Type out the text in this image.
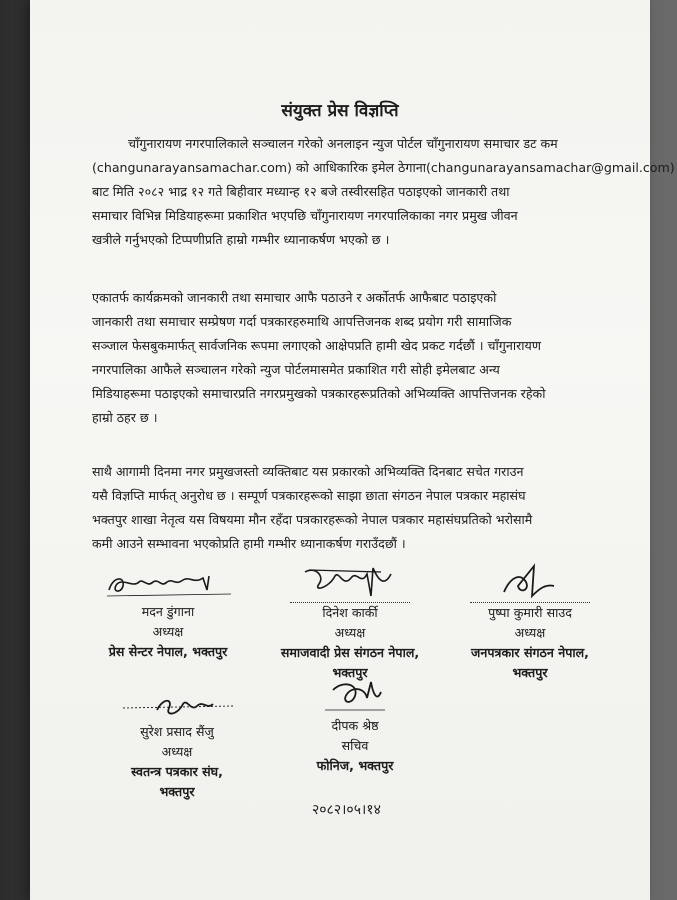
संयुक्त प्रेस विज्ञप्ति

चाँगुनारायण नगरपालिकाले सञ्चालन गरेको अनलाइन न्युज पोर्टल चाँगुनारायण समाचार डट कम
(changunarayansamachar.com) को आधिकारिक इमेल ठेगाना (changunarayansamachar@gmail.com)
बाट मिति २०८२ भाद्र १२ गते बिहीवार मध्यान्ह १२ बजे तस्वीरसहित पठाइएको जानकारी तथा
समाचार विभिन्न मिडियाहरूमा प्रकाशित भएपछि चाँगुनारायण नगरपालिकाका नगर प्रमुख जीवन
खत्रीले गर्नुभएको टिप्पणीप्रति हाम्रो गम्भीर ध्यानाकर्षण भएको छ ।

एकातर्फ कार्यक्रमको जानकारी तथा समाचार आफै पठाउने र अर्कोतर्फ आफैबाट पठाइएको
जानकारी तथा समाचार सम्प्रेषण गर्दा पत्रकारहरुमाथि आपत्तिजनक शब्द प्रयोग गरी सामाजिक
सञ्जाल फेसबुकमार्फत् सार्वजनिक रूपमा लगाएको आक्षेपप्रति हामी खेद प्रकट गर्दछौं । चाँगुनारायण
नगरपालिका आफैले सञ्चालन गरेको न्युज पोर्टलमासमेत प्रकाशित गरी सोही इमेलबाट अन्य
मिडियाहरूमा पठाइएको समाचारप्रति नगरप्रमुखको पत्रकारहरूप्रतिको अभिव्यक्ति आपत्तिजनक रहेको
हाम्रो ठहर छ ।

साथै आगामी दिनमा नगर प्रमुखजस्तो व्यक्तिबाट यस प्रकारको अभिव्यक्ति दिनबाट सचेत गराउन
यसै विज्ञप्ति मार्फत् अनुरोध छ । सम्पूर्ण पत्रकारहरूको साझा छाता संगठन नेपाल पत्रकार महासंघ
भक्तपुर शाखा नेतृत्व यस विषयमा मौन रहँदा पत्रकारहरूको नेपाल पत्रकार महासंघप्रतिको भरोसामै
कमी आउने सम्भावना भएकोप्रति हामी गम्भीर ध्यानाकर्षण गराउँदछौं ।

मदन डुंगाना
अध्यक्ष
प्रेस सेन्टर नेपाल, भक्तपुर
दिनेश कार्की
अध्यक्ष
समाजवादी प्रेस संगठन नेपाल,
भक्तपुर
पुष्पा कुमारी साउद
अध्यक्ष
जनपत्रकार संगठन नेपाल,
भक्तपुर
सुरेश प्रसाद सैंजु
अध्यक्ष
स्वतन्त्र पत्रकार संघ,
भक्तपुर
दीपक श्रेष्ठ
सचिव
फोनिज, भक्तपुर
२०८२।०५।१४
